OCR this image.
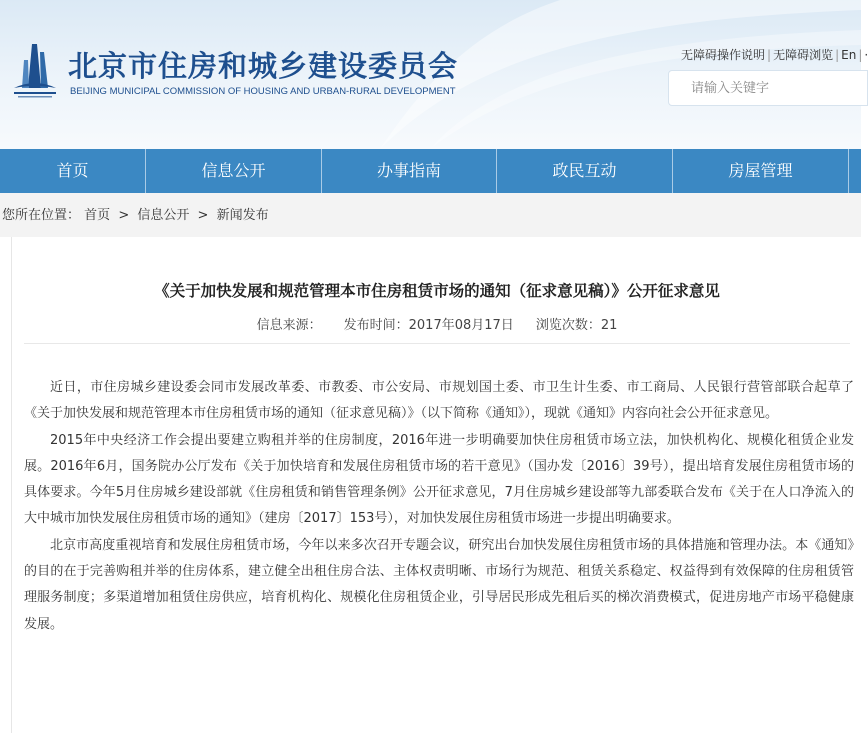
北京市住房和城乡建设委员会
BEIJING MUNICIPAL COMMISSION OF HOUSING AND URBAN-RURAL DEVELOPMENT
无障碍操作说明 | 无障碍浏览 | En | ·
请输入关键字
首页	信息公开	办事指南	政民互动	房屋管理
您所在位置： 首页 > 信息公开 > 新闻发布
《关于加快发展和规范管理本市住房租赁市场的通知（征求意见稿）》公开征求意见
信息来源： 发布时间：2017年08月17日 浏览次数：21

近日，市住房城乡建设委会同市发展改革委、市教委、市公安局、市规划国土委、市卫生计生委、市工商局、人民银行营管部联合起草了《关于加快发展和规范管理本市住房租赁市场的通知（征求意见稿）》（以下简称《通知》），现就《通知》内容向社会公开征求意见。

2015年中央经济工作会提出要建立购租并举的住房制度，2016年进一步明确要加快住房租赁市场立法，加快机构化、规模化租赁企业发展。2016年6月，国务院办公厅发布《关于加快培育和发展住房租赁市场的若干意见》（国办发〔2016〕39号），提出培育发展住房租赁市场的具体要求。今年5月住房城乡建设部就《住房租赁和销售管理条例》公开征求意见，7月住房城乡建设部等九部委联合发布《关于在人口净流入的大中城市加快发展住房租赁市场的通知》（建房〔2017〕153号），对加快发展住房租赁市场进一步提出明确要求。

北京市高度重视培育和发展住房租赁市场，今年以来多次召开专题会议，研究出台加快发展住房租赁市场的具体措施和管理办法。本《通知》的目的在于完善购租并举的住房体系，建立健全出租住房合法、主体权责明晰、市场行为规范、租赁关系稳定、权益得到有效保障的住房租赁管理服务制度；多渠道增加租赁住房供应，培育机构化、规模化住房租赁企业，引导居民形成先租后买的梯次消费模式，促进房地产市场平稳健康发展。
